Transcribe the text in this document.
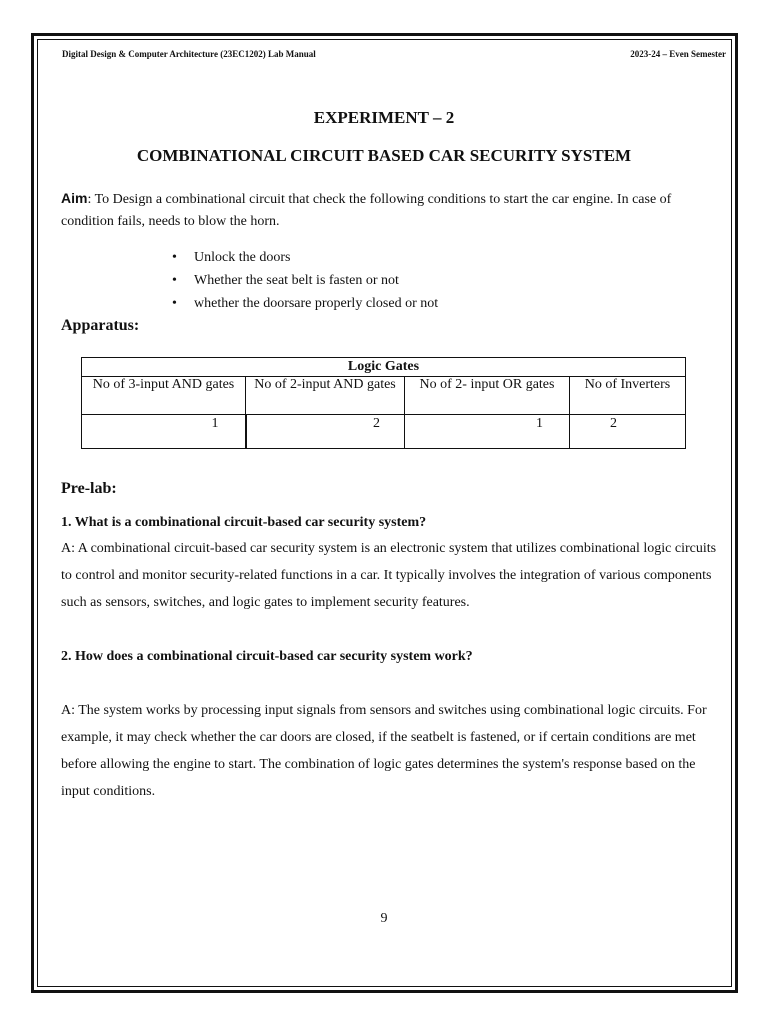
Digital Design & Computer Architecture (23EC1202) Lab Manual	2023-24 – Even Semester
EXPERIMENT – 2
COMBINATIONAL CIRCUIT BASED CAR SECURITY SYSTEM
Aim: To Design a combinational circuit that check the following conditions to start the car engine. In case of condition fails, needs to blow the horn.
• Unlock the doors
• Whether the seat belt is fasten or not
• whether the doorsare properly closed or not
Apparatus:
Logic Gates			
No of 3-input AND gates	No of 2-input AND gates	No of 2- input OR gates	No of Inverters
1	2	1	2
Pre-lab:
1. What is a combinational circuit-based car security system?
A: A combinational circuit-based car security system is an electronic system that utilizes combinational logic circuits to control and monitor security-related functions in a car. It typically involves the integration of various components such as sensors, switches, and logic gates to implement security features.
2. How does a combinational circuit-based car security system work?
A: The system works by processing input signals from sensors and switches using combinational logic circuits. For example, it may check whether the car doors are closed, if the seatbelt is fastened, or if certain conditions are met before allowing the engine to start. The combination of logic gates determines the system's response based on the input conditions.
9
